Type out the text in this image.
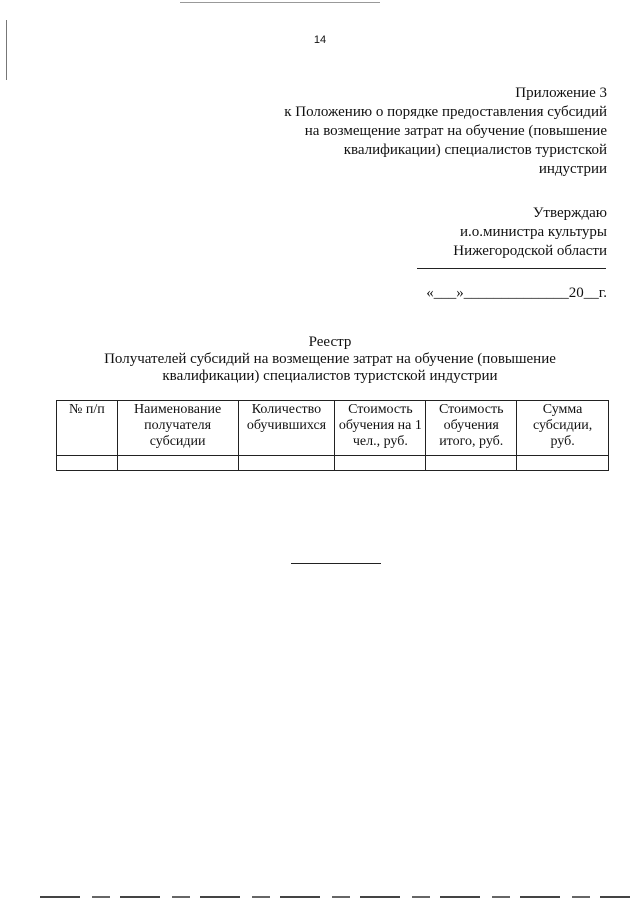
14
Приложение 3
к Положению о порядке предоставления субсидий
на возмещение затрат на обучение (повышение
квалификации) специалистов туристской
индустрии
Утверждаю
и.о.министра культуры
Нижегородской области
«___»______________20__г.
Реестр
Получателей субсидий на возмещение затрат на обучение (повышение
квалификации) специалистов туристской индустрии
№ п/п	Наименование получателя субсидии	Количество обучившихся	Стоимость обучения на 1 чел., руб.	Стоимость обучения итого, руб.	Сумма субсидии, руб.
